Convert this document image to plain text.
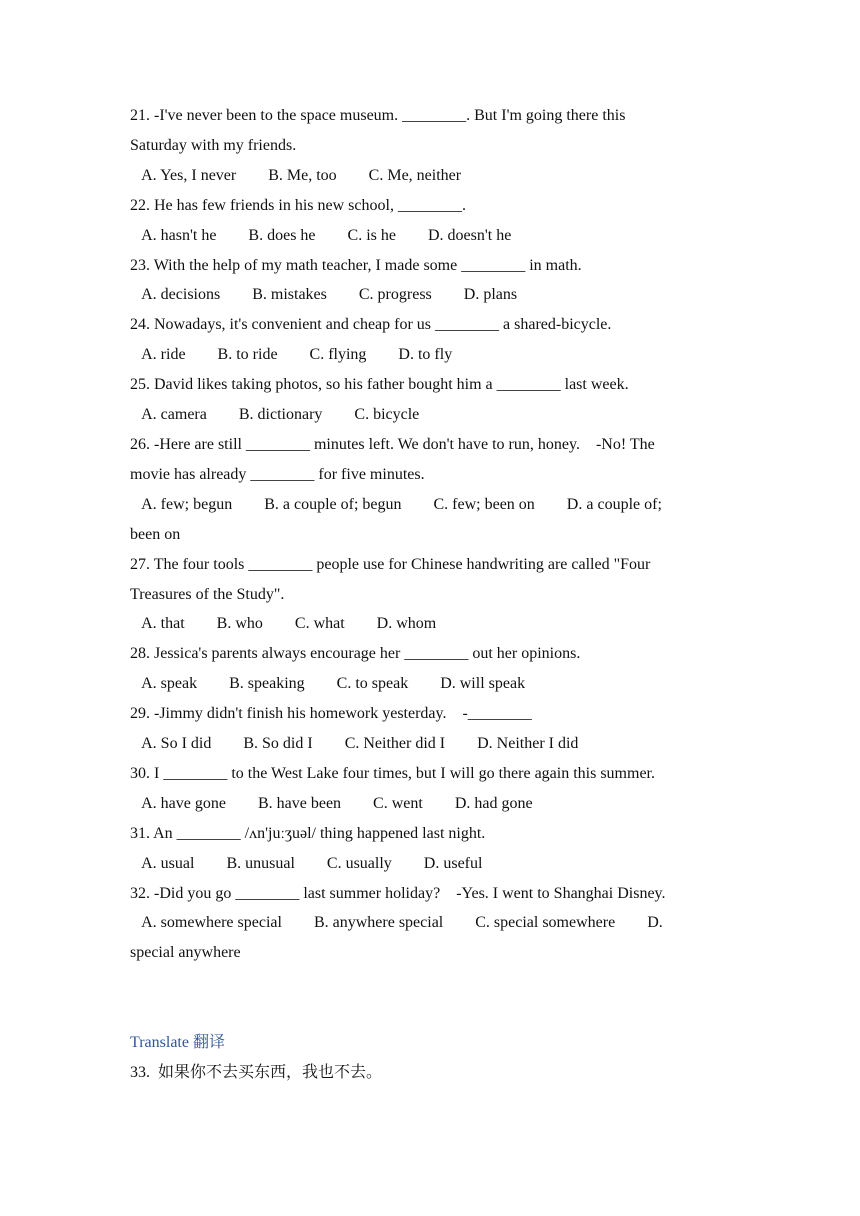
21. -I've never been to the space museum. ________. But I'm going there this

Saturday with my friends.

A. Yes, I never        B. Me, too        C. Me, neither

22. He has few friends in his new school, ________.

A. hasn't he        B. does he        C. is he        D. doesn't he

23. With the help of my math teacher, I made some ________ in math.

A. decisions        B. mistakes        C. progress        D. plans

24. Nowadays, it's convenient and cheap for us ________ a shared-bicycle.

A. ride        B. to ride        C. flying        D. to fly

25. David likes taking photos, so his father bought him a ________ last week.

A. camera        B. dictionary        C. bicycle

26. -Here are still ________ minutes left. We don't have to run, honey.    -No! The

movie has already ________ for five minutes.

A. few; begun        B. a couple of; begun        C. few; been on        D. a couple of;

been on

27. The four tools ________ people use for Chinese handwriting are called "Four

Treasures of the Study".

A. that        B. who        C. what        D. whom

28. Jessica's parents always encourage her ________ out her opinions.

A. speak        B. speaking        C. to speak        D. will speak

29. -Jimmy didn't finish his homework yesterday.    -________

A. So I did        B. So did I        C. Neither did I        D. Neither I did

30. I ________ to the West Lake four times, but I will go there again this summer.

A. have gone        B. have been        C. went        D. had gone

31. An ________ /ʌn'juːʒuəl/ thing happened last night.

A. usual        B. unusual        C. usually        D. useful

32. -Did you go ________ last summer holiday?    -Yes. I went to Shanghai Disney.

A. somewhere special        B. anywhere special        C. special somewhere        D.

special anywhere

Translate 翻译

33.  如果你不去买东西，我也不去。
